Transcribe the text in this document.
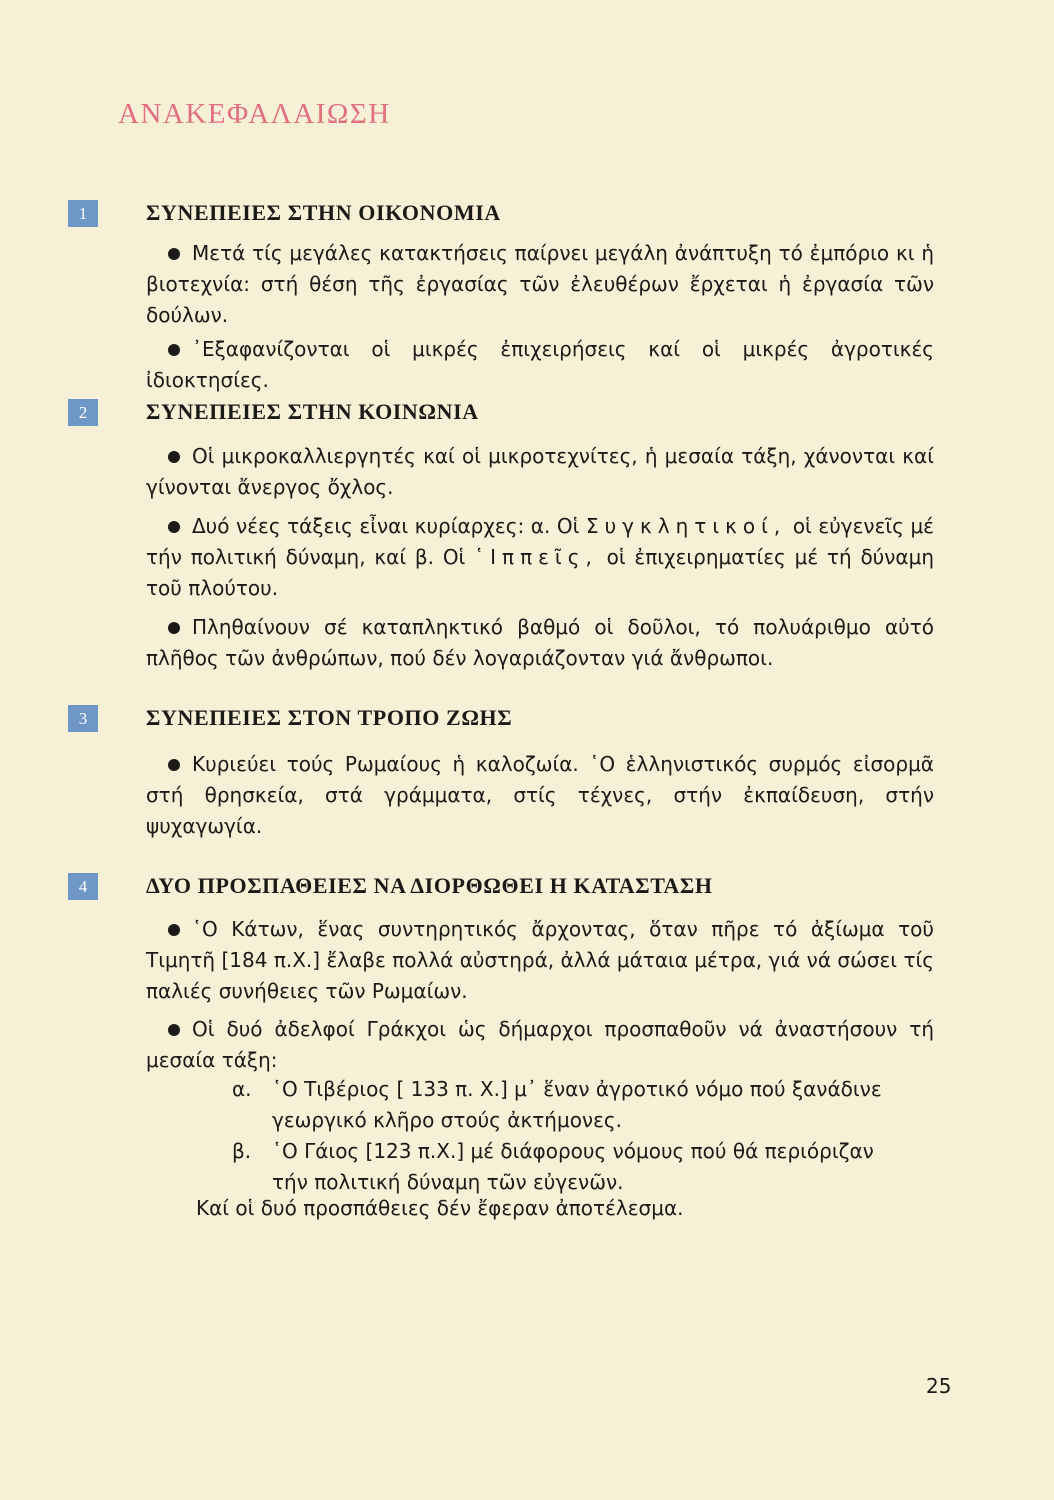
ΑΝΑΚΕΦΑΛΑΙΩΣΗ
1	ΣΥΝΕΠΕΙΕΣ ΣΤΗΝ ΟΙΚΟΝΟΜΙΑ

Μετά τίς μεγάλες κατακτήσεις παίρνει μεγάλη ἀνάπτυξη τό ἐμπόριο κι ἡ βιοτεχνία: στή θέση τῆς ἐργασίας τῶν ἐλευθέρων ἔρχεται ἡ ἐργασία τῶν δούλων.

᾿Εξαφανίζονται οἱ μικρές ἐπιχειρήσεις καί οἱ μικρές ἀγροτικές ἰδιοκτησίες.

2	ΣΥΝΕΠΕΙΕΣ ΣΤΗΝ ΚΟΙΝΩΝΙΑ

Οἱ μικροκαλλιεργητές καί οἱ μικροτεχνίτες, ἡ μεσαία τάξη, χάνονται καί γίνονται ἄνεργος ὄχλος.

Δυό νέες τάξεις εἶναι κυρίαρχες: α. Οἱ Συγκλητικοί, οἱ εὐγενεῖς μέ τήν πολιτική δύναμη, καί β. Οἱ ῾Ιππεῖς, οἱ ἐπιχειρηματίες μέ τή δύναμη τοῦ πλούτου.

Πληθαίνουν σέ καταπληκτικό βαθμό οἱ δοῦλοι, τό πολυάριθμο αὐτό πλῆθος τῶν ἀνθρώπων, πού δέν λογαριάζονταν γιά ἄνθρωποι.

3	ΣΥΝΕΠΕΙΕΣ ΣΤΟΝ ΤΡΟΠΟ ΖΩΗΣ

Κυριεύει τούς Ρωμαίους ἡ καλοζωία. ῾Ο ἑλληνιστικός συρμός εἰσορμᾶ στή θρησκεία, στά γράμματα, στίς τέχνες, στήν ἐκπαίδευση, στήν ψυχαγωγία.

4	ΔΥΟ ΠΡΟΣΠΑΘΕΙΕΣ ΝΑ ΔΙΟΡΘΩΘΕΙ Η ΚΑΤΑΣΤΑΣΗ

῾Ο Κάτων, ἕνας συντηρητικός ἄρχοντας, ὅταν πῆρε τό ἀξίωμα τοῦ Τιμητῆ [184 π.Χ.] ἔλαβε πολλά αὐστηρά, ἀλλά μάταια μέτρα, γιά νά σώσει τίς παλιές συνήθειες τῶν Ρωμαίων.

Οἱ δυό ἀδελφοί Γράκχοι ὡς δήμαρχοι προσπαθοῦν νά ἀναστήσουν τή μεσαία τάξη:

α. ῾Ο Τιβέριος [ 133 π. Χ.] μ᾿ ἕναν ἀγροτικό νόμο πού ξανάδινε
γεωργικό κλῆρο στούς ἀκτήμονες.
β. ῾Ο Γάιος [123 π.Χ.] μέ διάφορους νόμους πού θά περιόριζαν
τήν πολιτική δύναμη τῶν εὐγενῶν.

Καί οἱ δυό προσπάθειες δέν ἔφεραν ἀποτέλεσμα.

25
